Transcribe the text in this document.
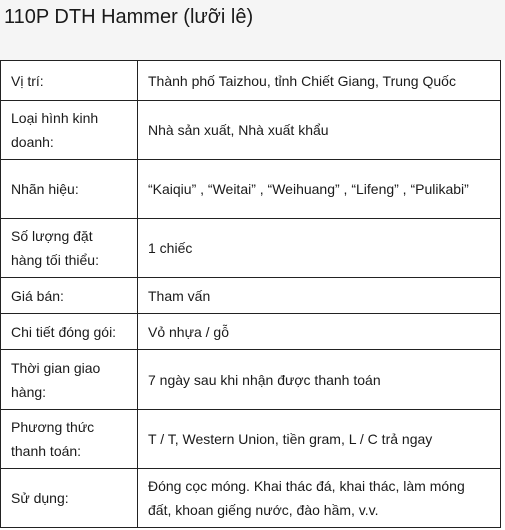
110P DTH Hammer (lưỡi lê)
Vị trí:	Thành phố Taizhou, tỉnh Chiết Giang, Trung Quốc
Loại hình kinh doanh:	Nhà sản xuất, Nhà xuất khẩu
Nhãn hiệu:	“Kaiqiu” , “Weitai” , “Weihuang” , “Lifeng” , “Pulikabi”
Số lượng đặt hàng tối thiểu:	1 chiếc
Giá bán:	Tham vấn
Chi tiết đóng gói:	Vỏ nhựa / gỗ
Thời gian giao hàng:	7 ngày sau khi nhận được thanh toán
Phương thức thanh toán:	T / T, Western Union, tiền gram, L / C trả ngay
Sử dụng:	Đóng cọc móng. Khai thác đá, khai thác, làm móng đất, khoan giếng nước, đào hầm, v.v.
